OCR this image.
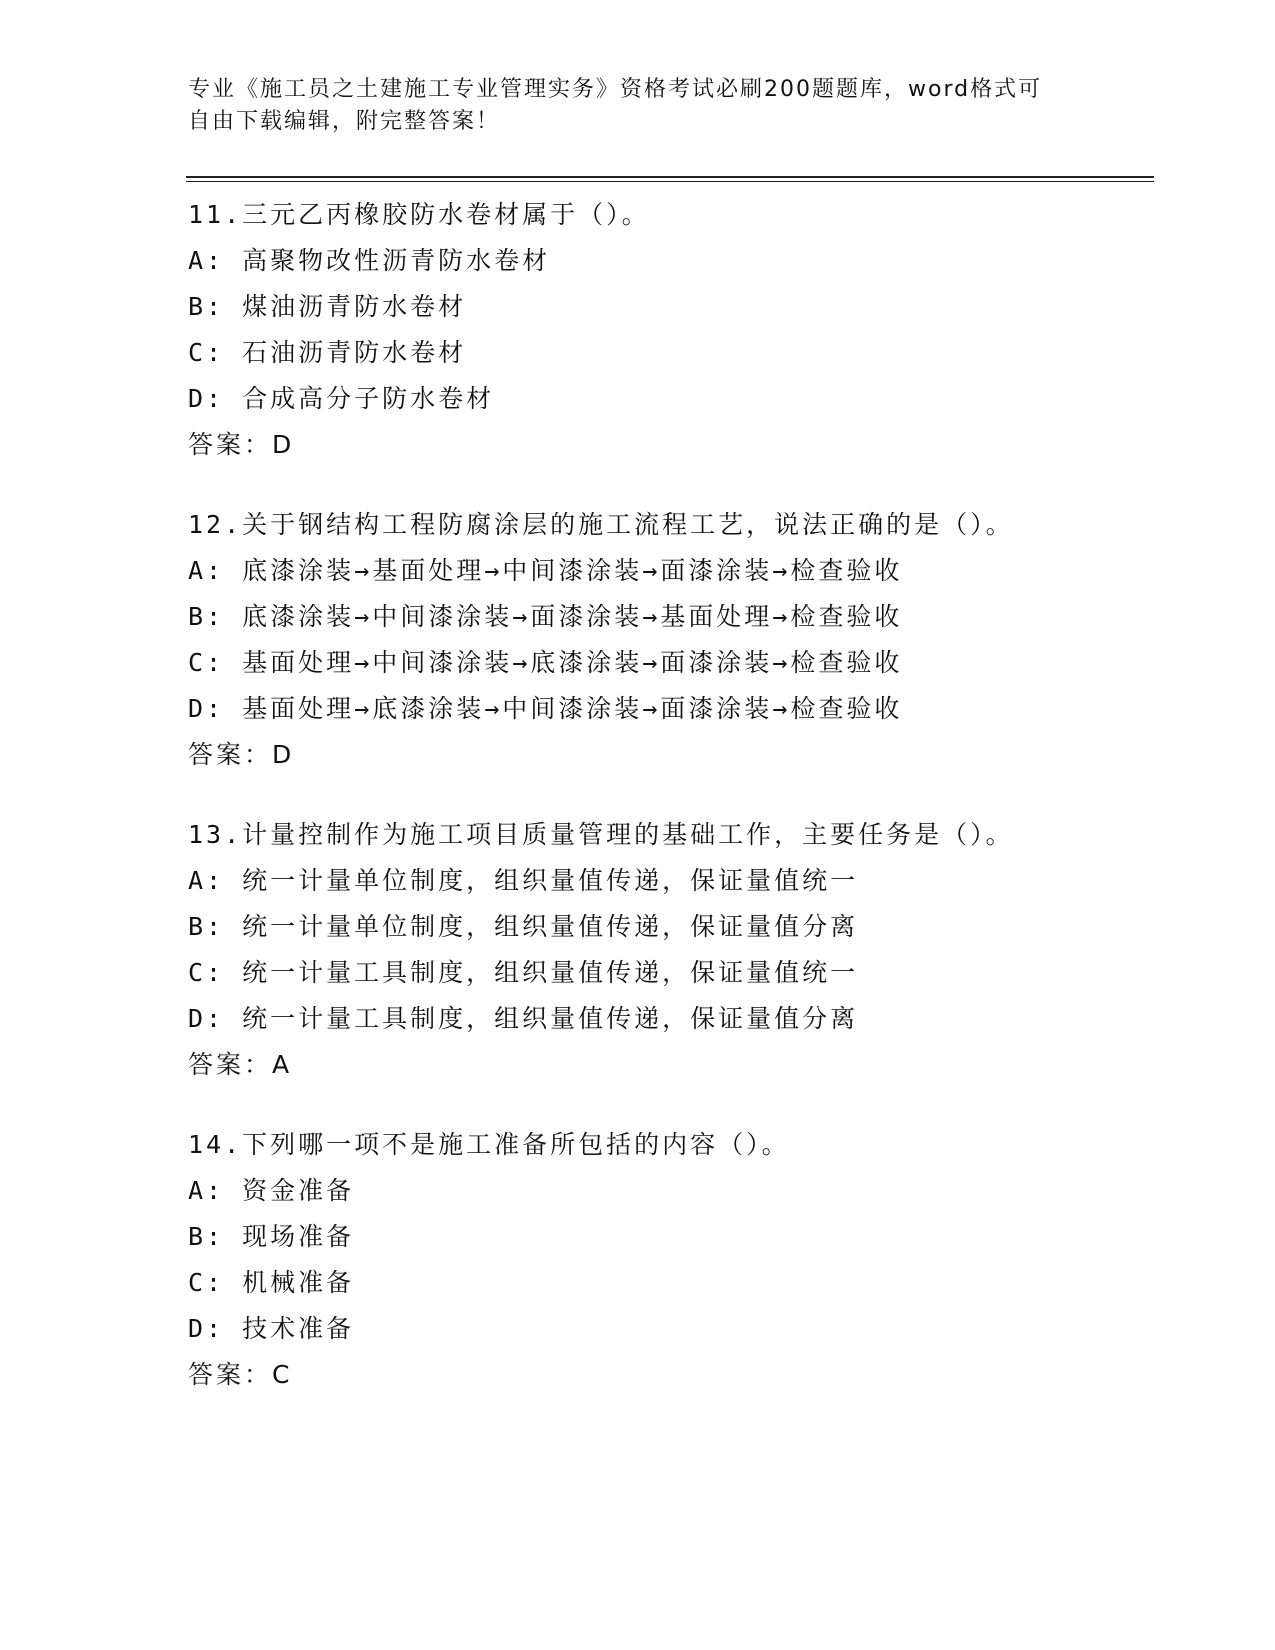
专业《施工员之土建施工专业管理实务》资格考试必刷200题题库，word格式可
自由下载编辑，附完整答案！
11.三元乙丙橡胶防水卷材属于（）。
A: 高聚物改性沥青防水卷材
B: 煤油沥青防水卷材
C: 石油沥青防水卷材
D: 合成高分子防水卷材
答案：D
12.关于钢结构工程防腐涂层的施工流程工艺，说法正确的是（）。
A: 底漆涂装→基面处理→中间漆涂装→面漆涂装→检查验收
B: 底漆涂装→中间漆涂装→面漆涂装→基面处理→检查验收
C: 基面处理→中间漆涂装→底漆涂装→面漆涂装→检查验收
D: 基面处理→底漆涂装→中间漆涂装→面漆涂装→检查验收
答案：D
13.计量控制作为施工项目质量管理的基础工作，主要任务是（）。
A: 统一计量单位制度，组织量值传递，保证量值统一
B: 统一计量单位制度，组织量值传递，保证量值分离
C: 统一计量工具制度，组织量值传递，保证量值统一
D: 统一计量工具制度，组织量值传递，保证量值分离
答案：A
14.下列哪一项不是施工准备所包括的内容（）。
A: 资金准备
B: 现场准备
C: 机械准备
D: 技术准备
答案：C
